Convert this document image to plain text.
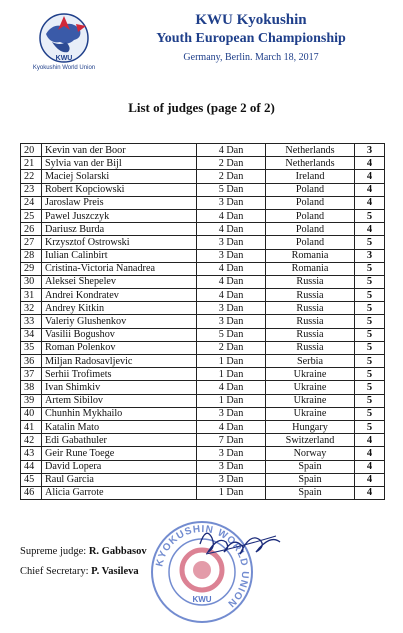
Kyokushin World Union
KWU
KWU Kyokushin
Youth European Championship
Germany, Berlin. March 18, 2017
List of judges (page 2 of 2)
20	Kevin van der Boor	4 Dan	Netherlands	3
21	Sylvia van der Bijl	2 Dan	Netherlands	4
22	Maciej Solarski	2 Dan	Ireland	4
23	Robert Kopciowski	5 Dan	Poland	4
24	Jaroslaw Preis	3 Dan	Poland	4
25	Pawel Juszczyk	4 Dan	Poland	5
26	Dariusz Burda	4 Dan	Poland	4
27	Krzysztof Ostrowski	3 Dan	Poland	5
28	Iulian Calinbirt	3 Dan	Romania	3
29	Cristina-Victoria Nanadrea	4 Dan	Romania	5
30	Aleksei Shepelev	4 Dan	Russia	5
31	Andrei Kondratev	4 Dan	Russia	5
32	Andrey Kitkin	3 Dan	Russia	5
33	Valeriy Glushenkov	3 Dan	Russia	5
34	Vasilii Bogushov	5 Dan	Russia	5
35	Roman Polenkov	2 Dan	Russia	5
36	Miljan Radosavljevic	1 Dan	Serbia	5
37	Serhii Trofimets	1 Dan	Ukraine	5
38	Ivan Shimkiv	4 Dan	Ukraine	5
39	Artem Sibilov	1 Dan	Ukraine	5
40	Chunhin Mykhailo	3 Dan	Ukraine	5
41	Katalin Mato	4 Dan	Hungary	5
42	Edi Gabathuler	7 Dan	Switzerland	4
43	Geir Rune Toege	3 Dan	Norway	4
44	David Lopera	3 Dan	Spain	4
45	Raul Garcia	3 Dan	Spain	4
46	Alicia Garrote	1 Dan	Spain	4
Supreme judge: R. Gabbasov
Chief Secretary: P. Vasileva
KYOKUSHIN WORLD UNION
KWU
